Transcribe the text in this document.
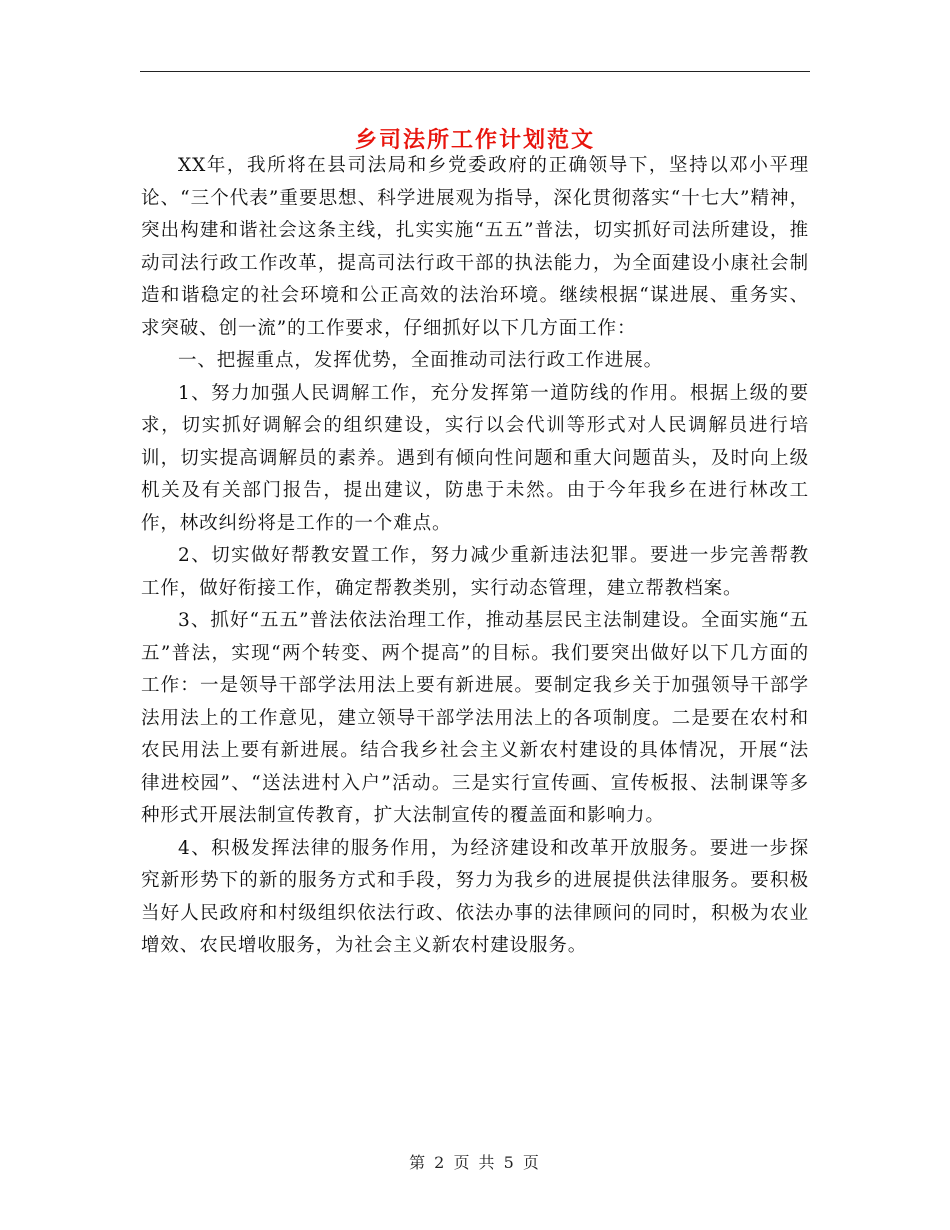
乡司法所工作计划范文

XX年，我所将在县司法局和乡党委政府的正确领导下，坚持以邓小平理论、“三个代表”重要思想、科学进展观为指导，深化贯彻落实“十七大”精神，突出构建和谐社会这条主线，扎实实施“五五”普法，切实抓好司法所建设，推动司法行政工作改革，提高司法行政干部的执法能力，为全面建设小康社会制造和谐稳定的社会环境和公正高效的法治环境。继续根据“谋进展、重务实、求突破、创一流”的工作要求，仔细抓好以下几方面工作：

一、把握重点，发挥优势，全面推动司法行政工作进展。

1、努力加强人民调解工作，充分发挥第一道防线的作用。根据上级的要求，切实抓好调解会的组织建设，实行以会代训等形式对人民调解员进行培训，切实提高调解员的素养。遇到有倾向性问题和重大问题苗头，及时向上级机关及有关部门报告，提出建议，防患于未然。由于今年我乡在进行林改工作，林改纠纷将是工作的一个难点。

2、切实做好帮教安置工作，努力减少重新违法犯罪。要进一步完善帮教工作，做好衔接工作，确定帮教类别，实行动态管理，建立帮教档案。

3、抓好“五五”普法依法治理工作，推动基层民主法制建设。全面实施“五五”普法，实现“两个转变、两个提高”的目标。我们要突出做好以下几方面的工作：一是领导干部学法用法上要有新进展。要制定我乡关于加强领导干部学法用法上的工作意见，建立领导干部学法用法上的各项制度。二是要在农村和农民用法上要有新进展。结合我乡社会主义新农村建设的具体情况，开展“法律进校园”、“送法进村入户”活动。三是实行宣传画、宣传板报、法制课等多种形式开展法制宣传教育，扩大法制宣传的覆盖面和影响力。

4、积极发挥法律的服务作用，为经济建设和改革开放服务。要进一步探究新形势下的新的服务方式和手段，努力为我乡的进展提供法律服务。要积极当好人民政府和村级组织依法行政、依法办事的法律顾问的同时，积极为农业增效、农民增收服务，为社会主义新农村建设服务。

第 2 页 共 5 页
